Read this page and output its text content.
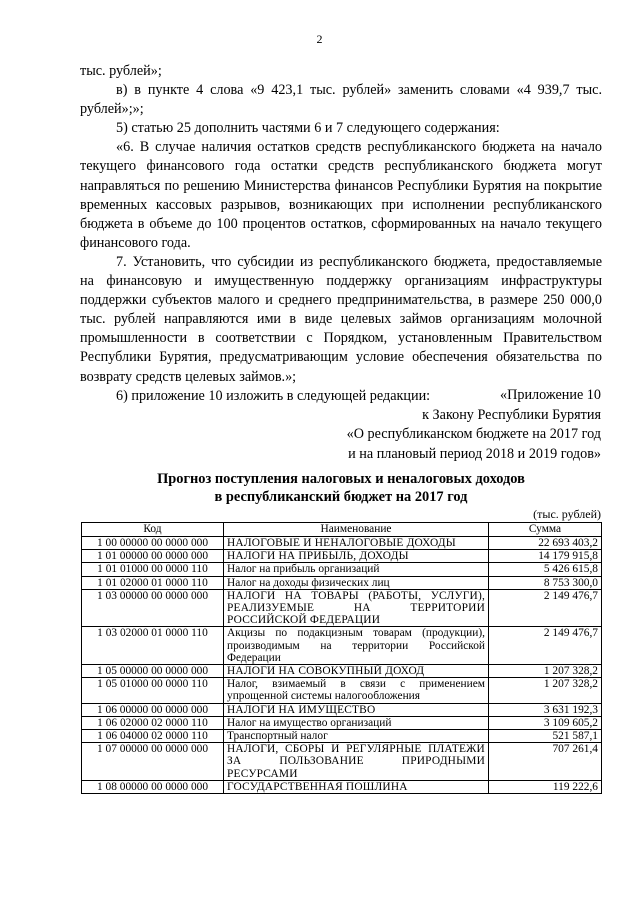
2

тыс. рублей»;

в) в пункте 4 слова «9 423,1 тыс. рублей» заменить словами «4 939,7 тыс. рублей»;»;

5) статью 25 дополнить частями 6 и 7 следующего содержания:

«6. В случае наличия остатков средств республиканского бюджета на начало текущего финансового года остатки средств республиканского бюджета могут направляться по решению Министерства финансов Республики Бурятия на покрытие временных кассовых разрывов, возникающих при исполнении республиканского бюджета в объеме до 100 процентов остатков, сформированных на начало текущего финансового года.

7. Установить, что субсидии из республиканского бюджета, предоставляемые на финансовую и имущественную поддержку организациям инфраструктуры поддержки субъектов малого и среднего предпринимательства, в размере 250 000,0 тыс. рублей направляются ими в виде целевых займов организациям молочной промышленности в соответствии с Порядком, установленным Правительством Республики Бурятия, предусматривающим условие обеспечения обязательства по возврату средств целевых займов.»;

6) приложение 10 изложить в следующей редакции:	«Приложение 10
к Закону Республики Бурятия
«О республиканском бюджете на 2017 год
и на плановый период 2018 и 2019 годов»
Прогноз поступления налоговых и неналоговых доходов
в республиканский бюджет на 2017 год
(тыс. рублей)
Код	Наименование	Сумма
1 00 00000 00 0000 000	НАЛОГОВЫЕ И НЕНАЛОГОВЫЕ ДОХОДЫ	22 693 403,2
1 01 00000 00 0000 000	НАЛОГИ НА ПРИБЫЛЬ, ДОХОДЫ	14 179 915,8
1 01 01000 00 0000 110	Налог на прибыль организаций	5 426 615,8
1 01 02000 01 0000 110	Налог на доходы физических лиц	8 753 300,0
1 03 00000 00 0000 000	НАЛОГИ НА ТОВАРЫ (РАБОТЫ, УСЛУГИ), РЕАЛИЗУЕМЫЕ НА ТЕРРИТОРИИ РОССИЙСКОЙ ФЕДЕРАЦИИ	2 149 476,7
1 03 02000 01 0000 110	Акцизы по подакцизным товарам (продукции), производимым на территории Российской Федерации	2 149 476,7
1 05 00000 00 0000 000	НАЛОГИ НА СОВОКУПНЫЙ ДОХОД	1 207 328,2
1 05 01000 00 0000 110	Налог, взимаемый в связи с применением упрощенной системы налогообложения	1 207 328,2
1 06 00000 00 0000 000	НАЛОГИ НА ИМУЩЕСТВО	3 631 192,3
1 06 02000 02 0000 110	Налог на имущество организаций	3 109 605,2
1 06 04000 02 0000 110	Транспортный налог	521 587,1
1 07 00000 00 0000 000	НАЛОГИ, СБОРЫ И РЕГУЛЯРНЫЕ ПЛАТЕЖИ ЗА ПОЛЬЗОВАНИЕ ПРИРОДНЫМИ РЕСУРСАМИ	707 261,4
1 08 00000 00 0000 000	ГОСУДАРСТВЕННАЯ ПОШЛИНА	119 222,6
